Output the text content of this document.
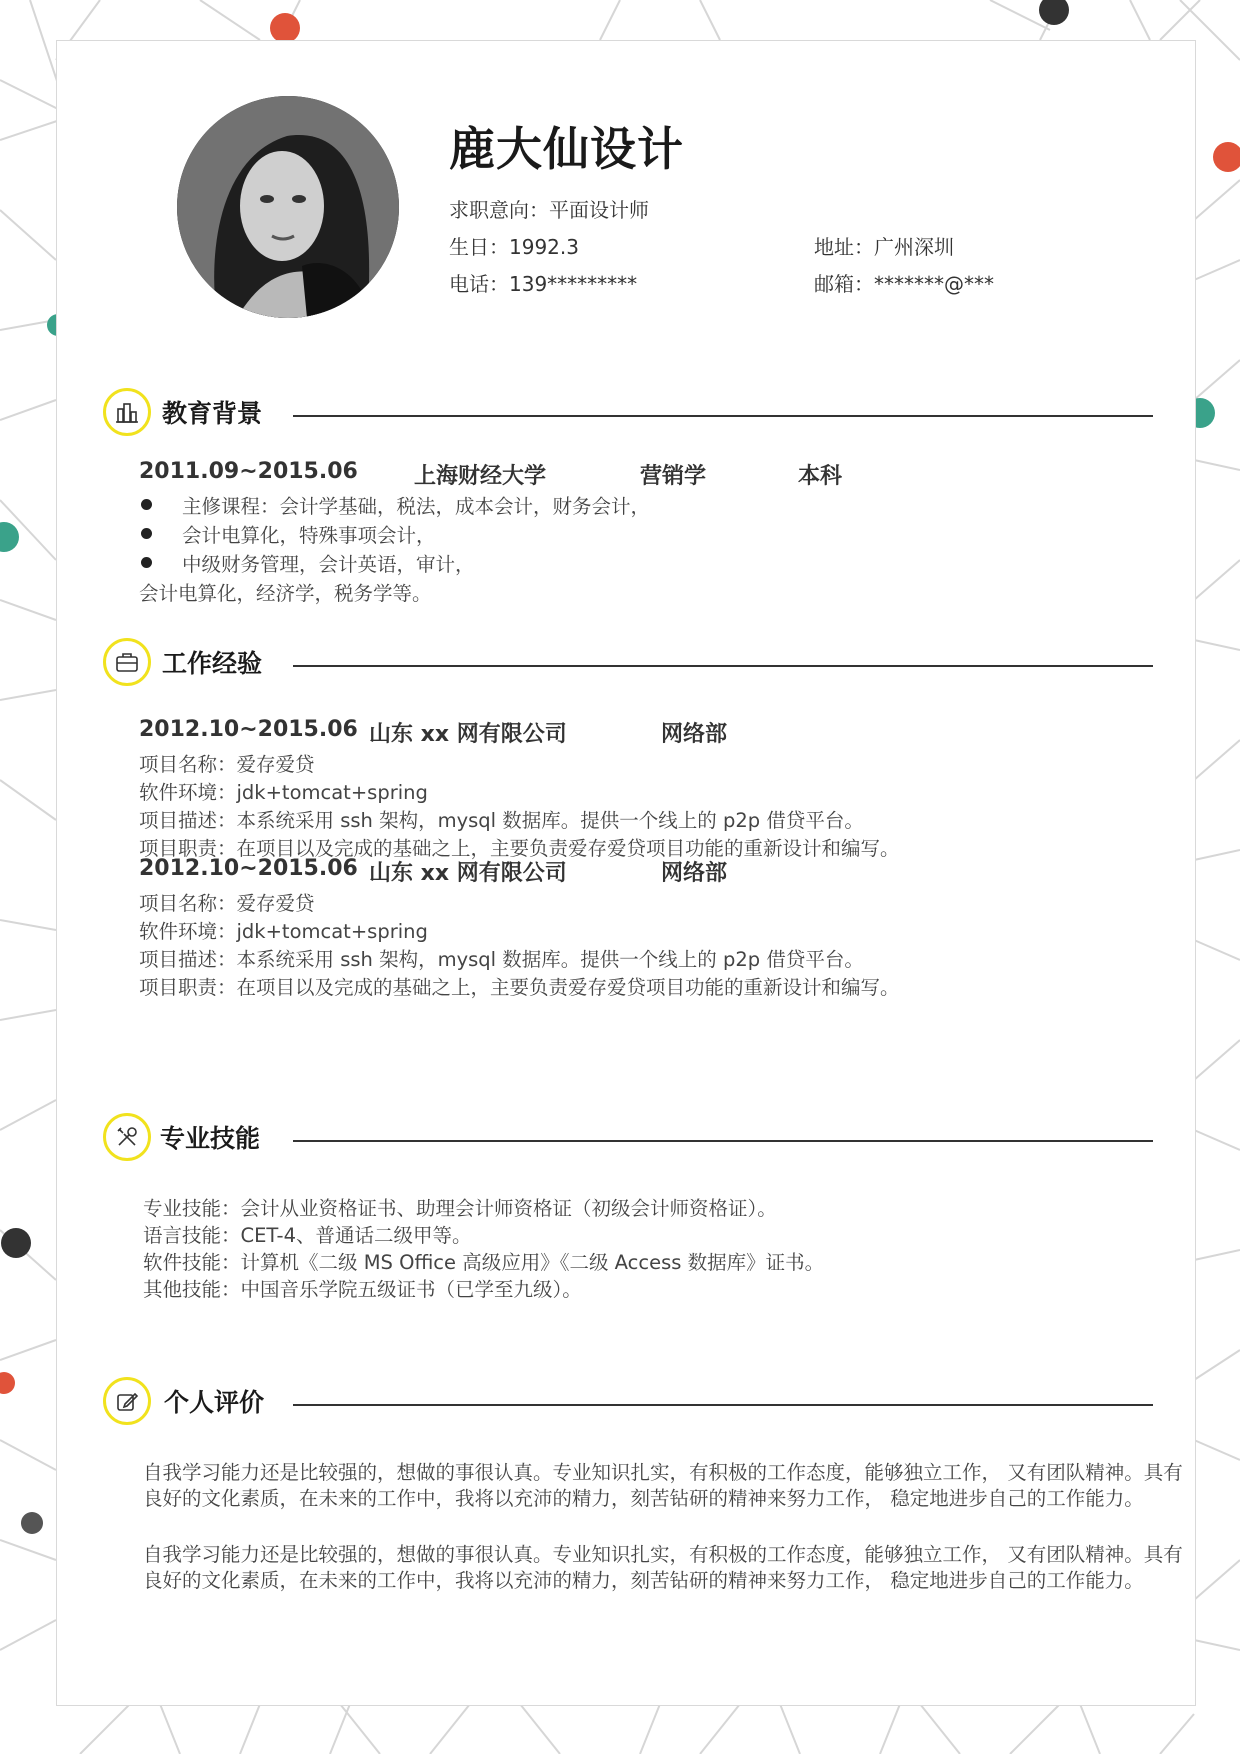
鹿大仙设计
求职意向：平面设计师
生日：1992.3	地址：广州深圳
电话：139*********	邮箱：*******@***
教育背景
2011.09~2015.06	上海财经大学	营销学	本科
主修课程：会计学基础，税法，成本会计，财务会计，
会计电算化，特殊事项会计，
中级财务管理，会计英语，审计，
会计电算化，经济学，税务学等。
工作经验
2012.10~2015.06 山东 xx 网有限公司	网络部
项目名称：爱存爱贷
软件环境：jdk+tomcat+spring
项目描述：本系统采用 ssh 架构，mysql 数据库。提供一个线上的 p2p 借贷平台。
项目职责：在项目以及完成的基础之上，主要负责爱存爱贷项目功能的重新设计和编写。
2012.10~2015.06 山东 xx 网有限公司	网络部
项目名称：爱存爱贷
软件环境：jdk+tomcat+spring
项目描述：本系统采用 ssh 架构，mysql 数据库。提供一个线上的 p2p 借贷平台。
项目职责：在项目以及完成的基础之上，主要负责爱存爱贷项目功能的重新设计和编写。
专业技能
专业技能：会计从业资格证书、助理会计师资格证（初级会计师资格证）。
语言技能：CET-4、普通话二级甲等。
软件技能：计算机《二级 MS Office 高级应用》《二级 Access 数据库》证书。
其他技能：中国音乐学院五级证书（已学至九级）。
个人评价

自我学习能力还是比较强的，想做的事很认真。专业知识扎实，有积极的工作态度，能够独立工作， 又有团队精神。具有良好的文化素质，在未来的工作中，我将以充沛的精力，刻苦钻研的精神来努力工作， 稳定地进步自己的工作能力。

自我学习能力还是比较强的，想做的事很认真。专业知识扎实，有积极的工作态度，能够独立工作， 又有团队精神。具有良好的文化素质，在未来的工作中，我将以充沛的精力，刻苦钻研的精神来努力工作， 稳定地进步自己的工作能力。
